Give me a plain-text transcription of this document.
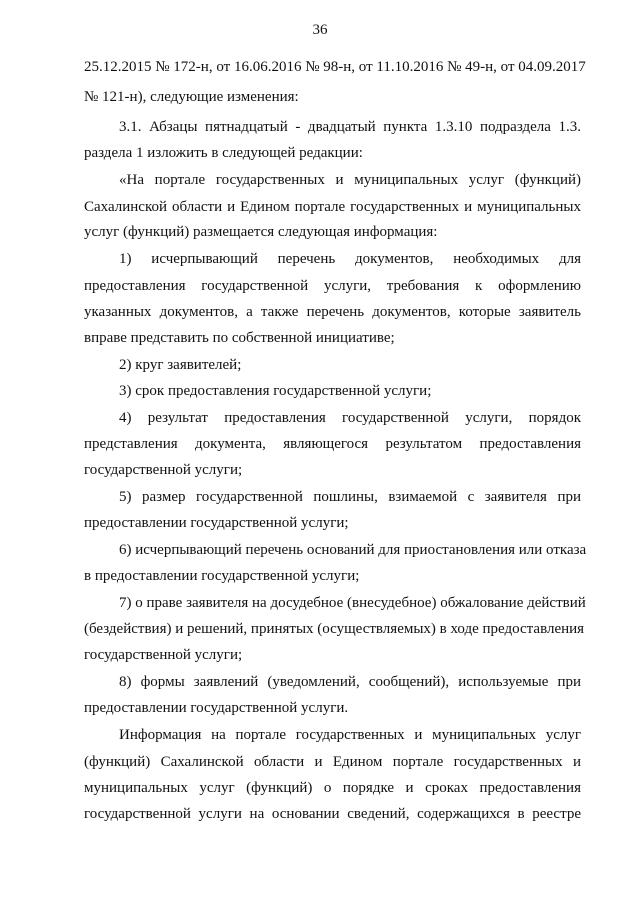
36
25.12.2015 № 172-н, от 16.06.2016 № 98-н, от 11.10.2016 № 49-н, от 04.09.2017
№ 121-н), следующие изменения:
3.1. Абзацы пятнадцатый - двадцатый пункта 1.3.10 подраздела 1.3.
раздела 1 изложить в следующей редакции:
«На портале государственных и муниципальных услуг (функций)
Сахалинской области и Едином портале государственных и муниципальных
услуг (функций) размещается следующая информация:
1) исчерпывающий перечень документов, необходимых для
предоставления государственной услуги, требования к оформлению
указанных документов, а также перечень документов, которые заявитель
вправе представить по собственной инициативе;
2) круг заявителей;
3) срок предоставления государственной услуги;
4) результат предоставления государственной услуги, порядок
представления документа, являющегося результатом предоставления
государственной услуги;
5) размер государственной пошлины, взимаемой с заявителя при
предоставлении государственной услуги;
6) исчерпывающий перечень оснований для приостановления или отказа
в предоставлении государственной услуги;
7) о праве заявителя на досудебное (внесудебное) обжалование действий
(бездействия) и решений, принятых (осуществляемых) в ходе предоставления
государственной услуги;
8) формы заявлений (уведомлений, сообщений), используемые при
предоставлении государственной услуги.
Информация на портале государственных и муниципальных услуг
(функций) Сахалинской области и Едином портале государственных и
муниципальных услуг (функций) о порядке и сроках предоставления
государственной услуги на основании сведений, содержащихся в реестре
